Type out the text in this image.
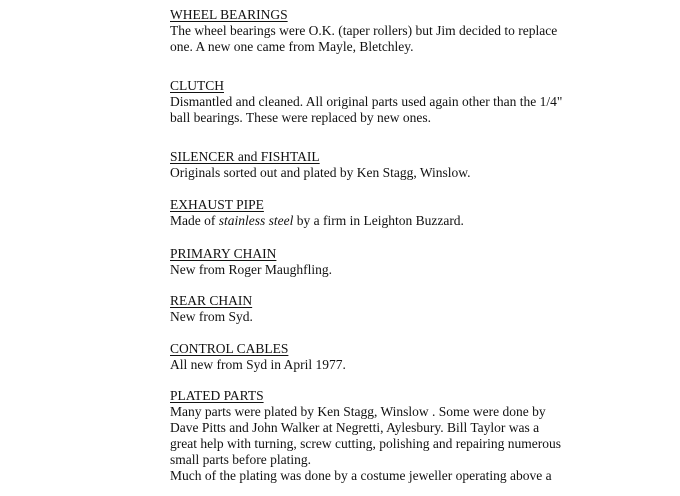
WHEEL BEARINGS
The wheel bearings were O.K. (taper rollers) but Jim decided to replace
one. A new one came from Mayle, Bletchley.
CLUTCH
Dismantled and cleaned. All original parts used again other than the 1/4"
ball bearings. These were replaced by new ones.
SILENCER and FISHTAIL
Originals sorted out and plated by Ken Stagg, Winslow.
EXHAUST PIPE
Made of stainless steel by a firm in Leighton Buzzard.
PRIMARY CHAIN
New from Roger Maughfling.
REAR CHAIN
New from Syd.
CONTROL CABLES
All new from Syd in April 1977.
PLATED PARTS
Many parts were plated by Ken Stagg, Winslow . Some were done by
Dave Pitts and John Walker at Negretti, Aylesbury. Bill Taylor was a
great help with turning, screw cutting, polishing and repairing numerous
small parts before plating.
Much of the plating was done by a costume jeweller operating above a
